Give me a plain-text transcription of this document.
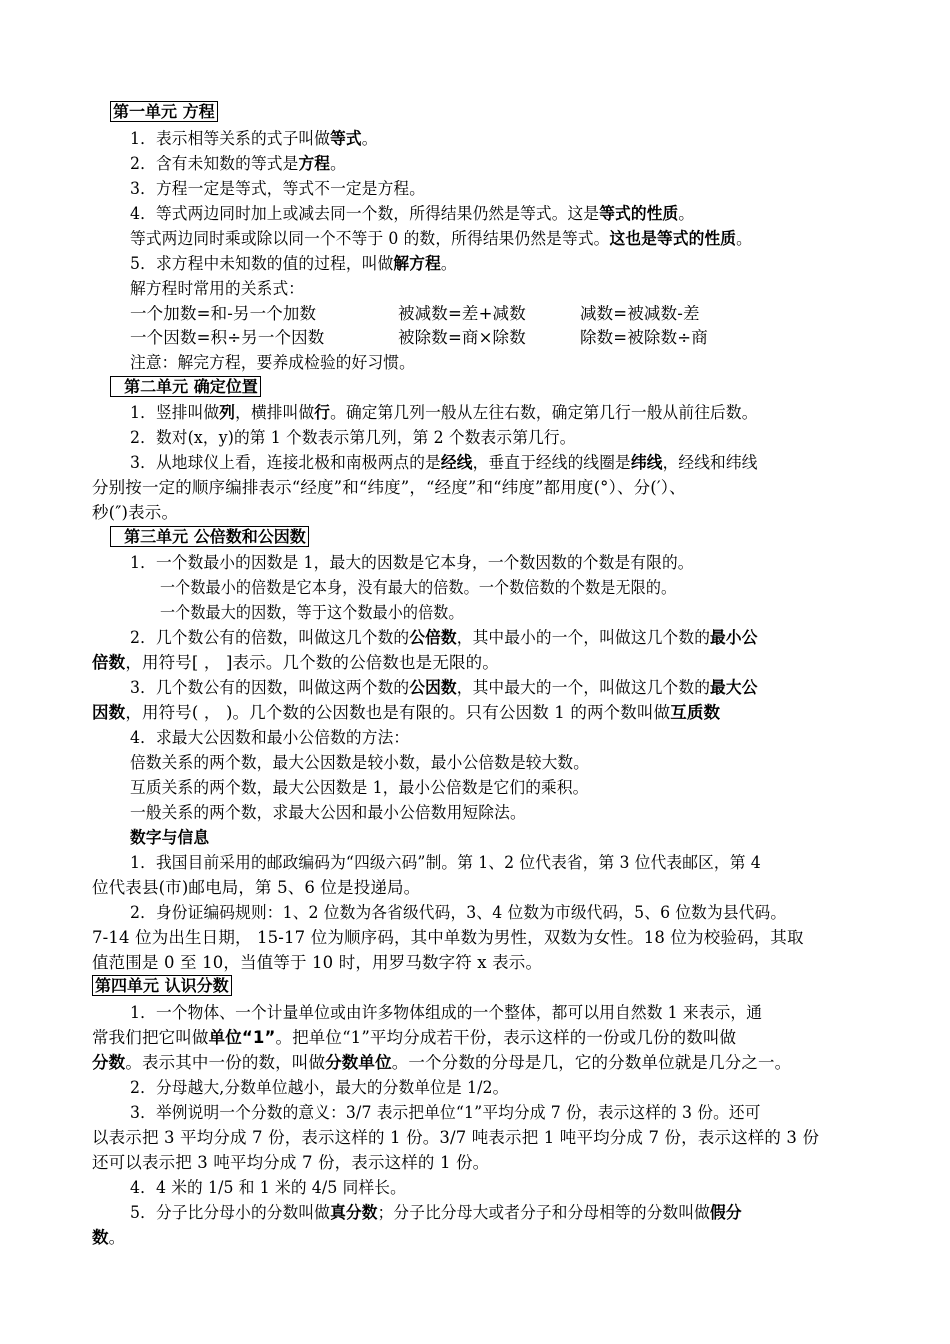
第一单元 方程
1．表示相等关系的式子叫做等式。
2．含有未知数的等式是方程。
3．方程一定是等式，等式不一定是方程。
4．等式两边同时加上或减去同一个数，所得结果仍然是等式。这是等式的性质。
等式两边同时乘或除以同一个不等于 0 的数，所得结果仍然是等式。这也是等式的性质。
5．求方程中未知数的值的过程，叫做解方程。
解方程时常用的关系式：
一个加数=和-另一个加数	被减数=差+减数	减数=被减数-差
一个因数=积÷另一个因数	被除数=商×除数	除数=被除数÷商
注意：解完方程，要养成检验的好习惯。
第二单元 确定位置
1．竖排叫做列，横排叫做行。确定第几列一般从左往右数，确定第几行一般从前往后数。
2．数对(x，y)的第 1 个数表示第几列，第 2 个数表示第几行。
3．从地球仪上看，连接北极和南极两点的是经线，垂直于经线的线圈是纬线，经线和纬线
分别按一定的顺序编排表示“经度”和“纬度”，“经度”和“纬度”都用度(°）、分(′）、
秒(″)表示。
第三单元 公倍数和公因数
1．一个数最小的因数是 1，最大的因数是它本身，一个数因数的个数是有限的。
一个数最小的倍数是它本身，没有最大的倍数。一个数倍数的个数是无限的。
一个数最大的因数，等于这个数最小的倍数。
2．几个数公有的倍数，叫做这几个数的公倍数，其中最小的一个，叫做这几个数的最小公
倍数，用符号[ ， ]表示。几个数的公倍数也是无限的。
3．几个数公有的因数，叫做这两个数的公因数，其中最大的一个，叫做这几个数的最大公
因数，用符号( ， )。几个数的公因数也是有限的。只有公因数 1 的两个数叫做互质数
4．求最大公因数和最小公倍数的方法：
倍数关系的两个数，最大公因数是较小数，最小公倍数是较大数。
互质关系的两个数，最大公因数是 1，最小公倍数是它们的乘积。
一般关系的两个数，求最大公因和最小公倍数用短除法。
数字与信息
1．我国目前采用的邮政编码为“四级六码”制。第 1、2 位代表省，第 3 位代表邮区，第 4
位代表县(市)邮电局，第 5、6 位是投递局。
2．身份证编码规则：1、2 位数为各省级代码，3、4 位数为市级代码，5、6 位数为县代码。
7-14 位为出生日期， 15-17 位为顺序码，其中单数为男性，双数为女性。18 位为校验码，其取
值范围是 0 至 10，当值等于 10 时，用罗马数字符 x 表示。
第四单元 认识分数
1．一个物体、一个计量单位或由许多物体组成的一个整体，都可以用自然数 1 来表示，通
常我们把它叫做单位“1”。把单位“1”平均分成若干份，表示这样的一份或几份的数叫做
分数。表示其中一份的数，叫做分数单位。一个分数的分母是几，它的分数单位就是几分之一。
2．分母越大,分数单位越小，最大的分数单位是 1/2。
3．举例说明一个分数的意义：3/7 表示把单位“1”平均分成 7 份，表示这样的 3 份。还可
以表示把 3 平均分成 7 份，表示这样的 1 份。3/7 吨表示把 1 吨平均分成 7 份，表示这样的 3 份
还可以表示把 3 吨平均分成 7 份，表示这样的 1 份。
4．4 米的 1/5 和 1 米的 4/5 同样长。
5．分子比分母小的分数叫做真分数；分子比分母大或者分子和分母相等的分数叫做假分
数。
